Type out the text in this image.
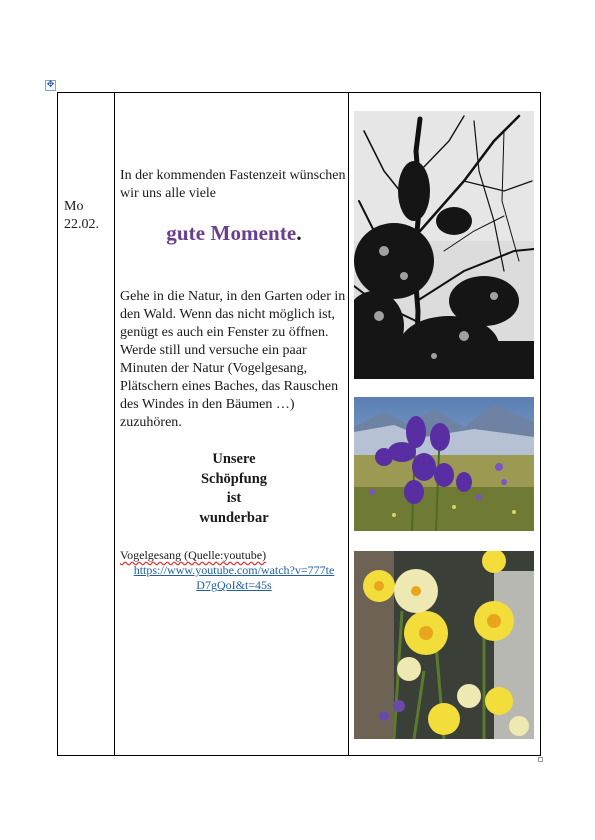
✥
Mo
22.02.

In der kommenden Fastenzeit wünschen wir uns alle viele

gute Momente.

Gehe in die Natur, in den Garten oder in den Wald. Wenn das nicht möglich ist, genügt es auch ein Fenster zu öffnen.

Werde still und versuche ein paar Minuten der Natur (Vogelgesang, Plätschern eines Baches, das Rauschen des Windes in den Bäumen …) zuzuhören.

Unsere
Schöpfung
ist
wunderbar
Vogelgesang (Quelle:youtube)
https://www.youtube.com/watch?v=777te
D7gQoI&t=45s
